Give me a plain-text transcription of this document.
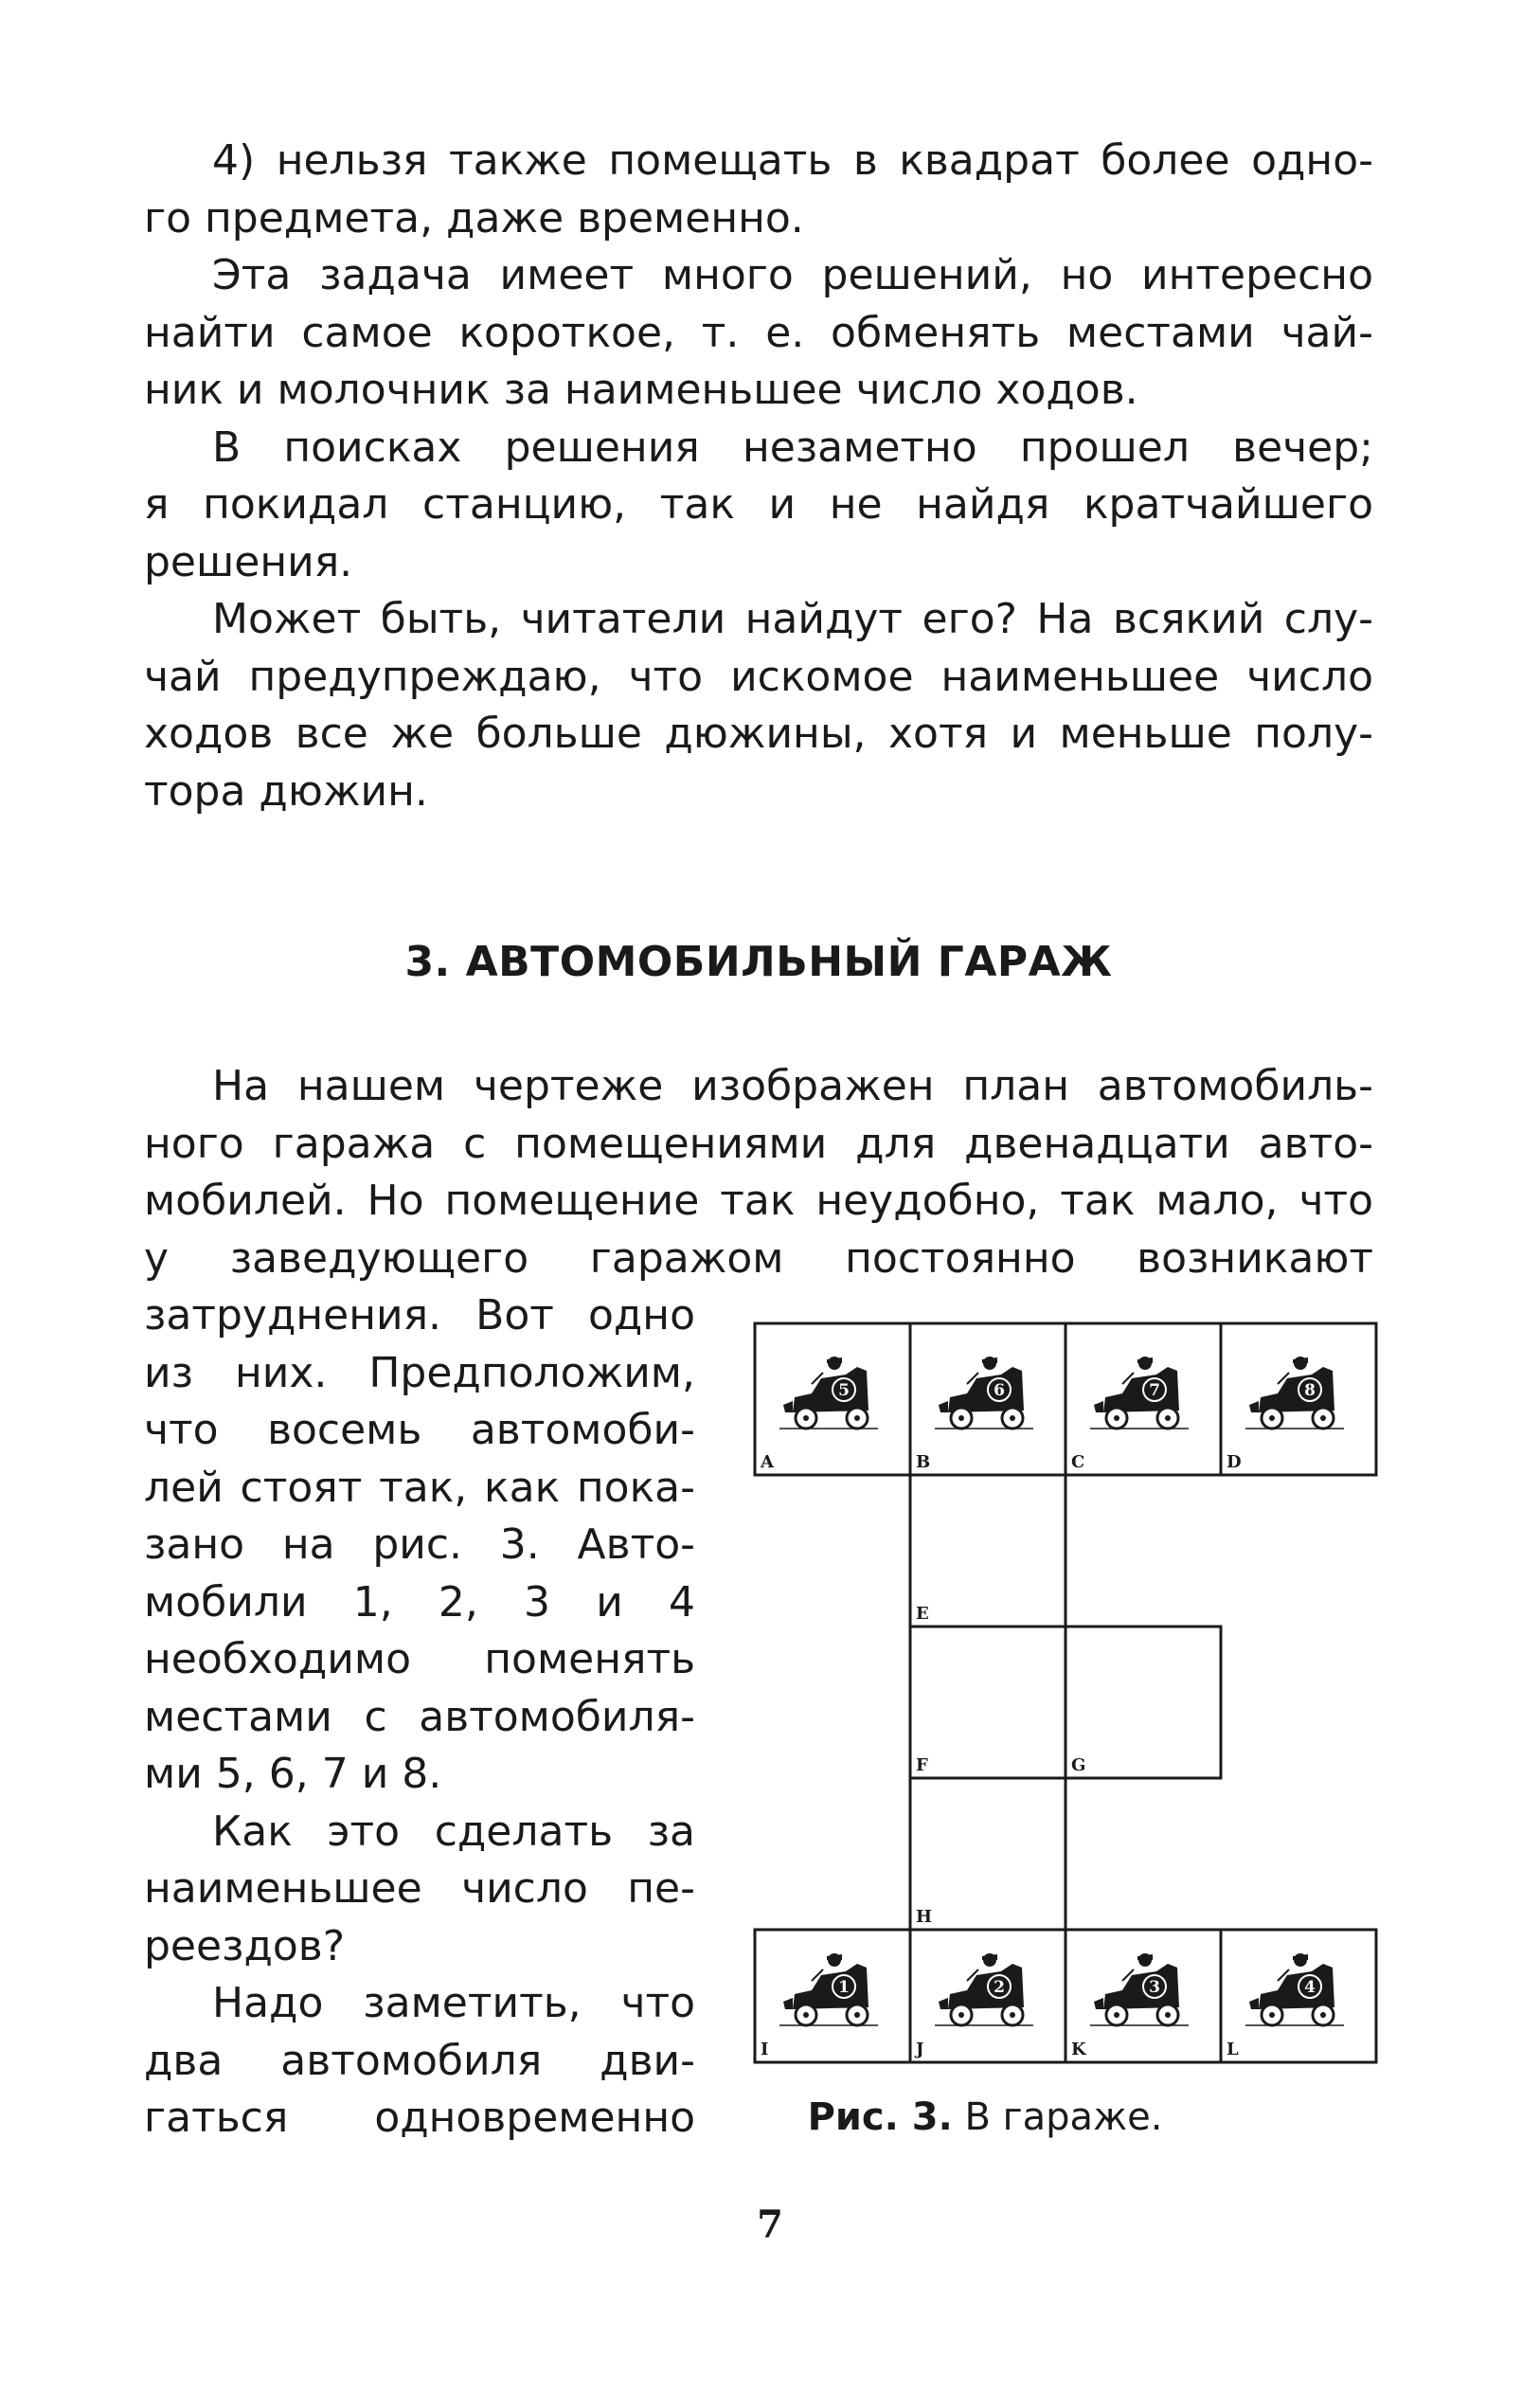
4) нельзя также помещать в квадрат более одно-
го предмета, даже временно.
Эта задача имеет много решений, но интересно
найти самое короткое, т. е. обменять местами чай-
ник и молочник за наименьшее число ходов.
В поисках решения незаметно прошел вечер;
я покидал станцию, так и не найдя кратчайшего
решения.
Может быть, читатели найдут его? На всякий слу-
чай предупреждаю, что искомое наименьшее число
ходов все же больше дюжины, хотя и меньше полу-
тора дюжин.
3. АВТОМОБИЛЬНЫЙ ГАРАЖ
На нашем чертеже изображен план автомобиль-
ного гаража с помещениями для двенадцати авто-
мобилей. Но помещение так неудобно, так мало, что
у заведующего гаражом постоянно возникают
затруднения. Вот одно
из них. Предположим,
что восемь автомоби-
лей стоят так, как пока-
зано на рис. 3. Авто-
мобили 1, 2, 3 и 4
необходимо поменять
местами с автомобиля-
ми 5, 6, 7 и 8.
Как это сделать за
наименьшее число пе-
реездов?
Надо заметить, что
два автомобиля дви-
гаться одновременно
A
5
B
6
C
7
D
8
E
F	G
H
I
1
J
2
K
3
L
4
Рис. 3. В гараже.
7
